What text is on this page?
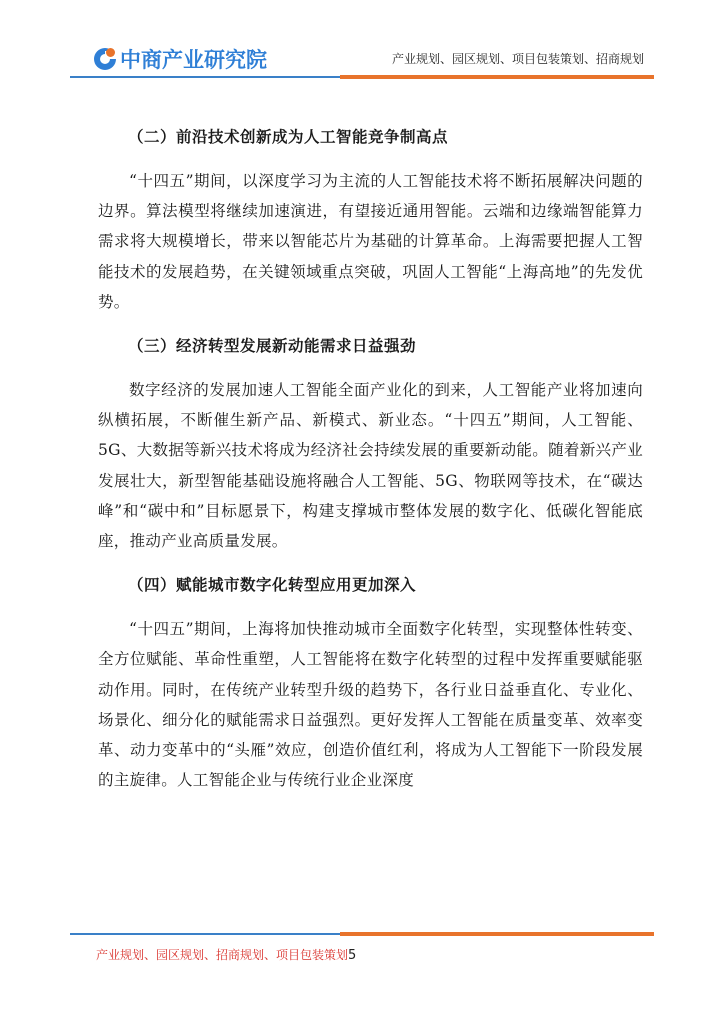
中商产业研究院	产业规划、园区规划、项目包装策划、招商规划
（二）前沿技术创新成为人工智能竞争制高点

“十四五”期间，以深度学习为主流的人工智能技术将不断拓展解决问题的边界。算法模型将继续加速演进，有望接近通用智能。云端和边缘端智能算力需求将大规模增长，带来以智能芯片为基础的计算革命。上海需要把握人工智能技术的发展趋势，在关键领域重点突破，巩固人工智能“上海高地”的先发优势。

（三）经济转型发展新动能需求日益强劲

数字经济的发展加速人工智能全面产业化的到来，人工智能产业将加速向纵横拓展，不断催生新产品、新模式、新业态。“十四五”期间，人工智能、5G、大数据等新兴技术将成为经济社会持续发展的重要新动能。随着新兴产业发展壮大，新型智能基础设施将融合人工智能、5G、物联网等技术，在“碳达峰”和“碳中和”目标愿景下，构建支撑城市整体发展的数字化、低碳化智能底座，推动产业高质量发展。

（四）赋能城市数字化转型应用更加深入

“十四五”期间，上海将加快推动城市全面数字化转型，实现整体性转变、全方位赋能、革命性重塑，人工智能将在数字化转型的过程中发挥重要赋能驱动作用。同时，在传统产业转型升级的趋势下，各行业日益垂直化、专业化、场景化、细分化的赋能需求日益强烈。更好发挥人工智能在质量变革、效率变革、动力变革中的“头雁”效应，创造价值红利，将成为人工智能下一阶段发展的主旋律。人工智能企业与传统行业企业深度

产业规划、园区规划、招商规划、项目包装策划5
